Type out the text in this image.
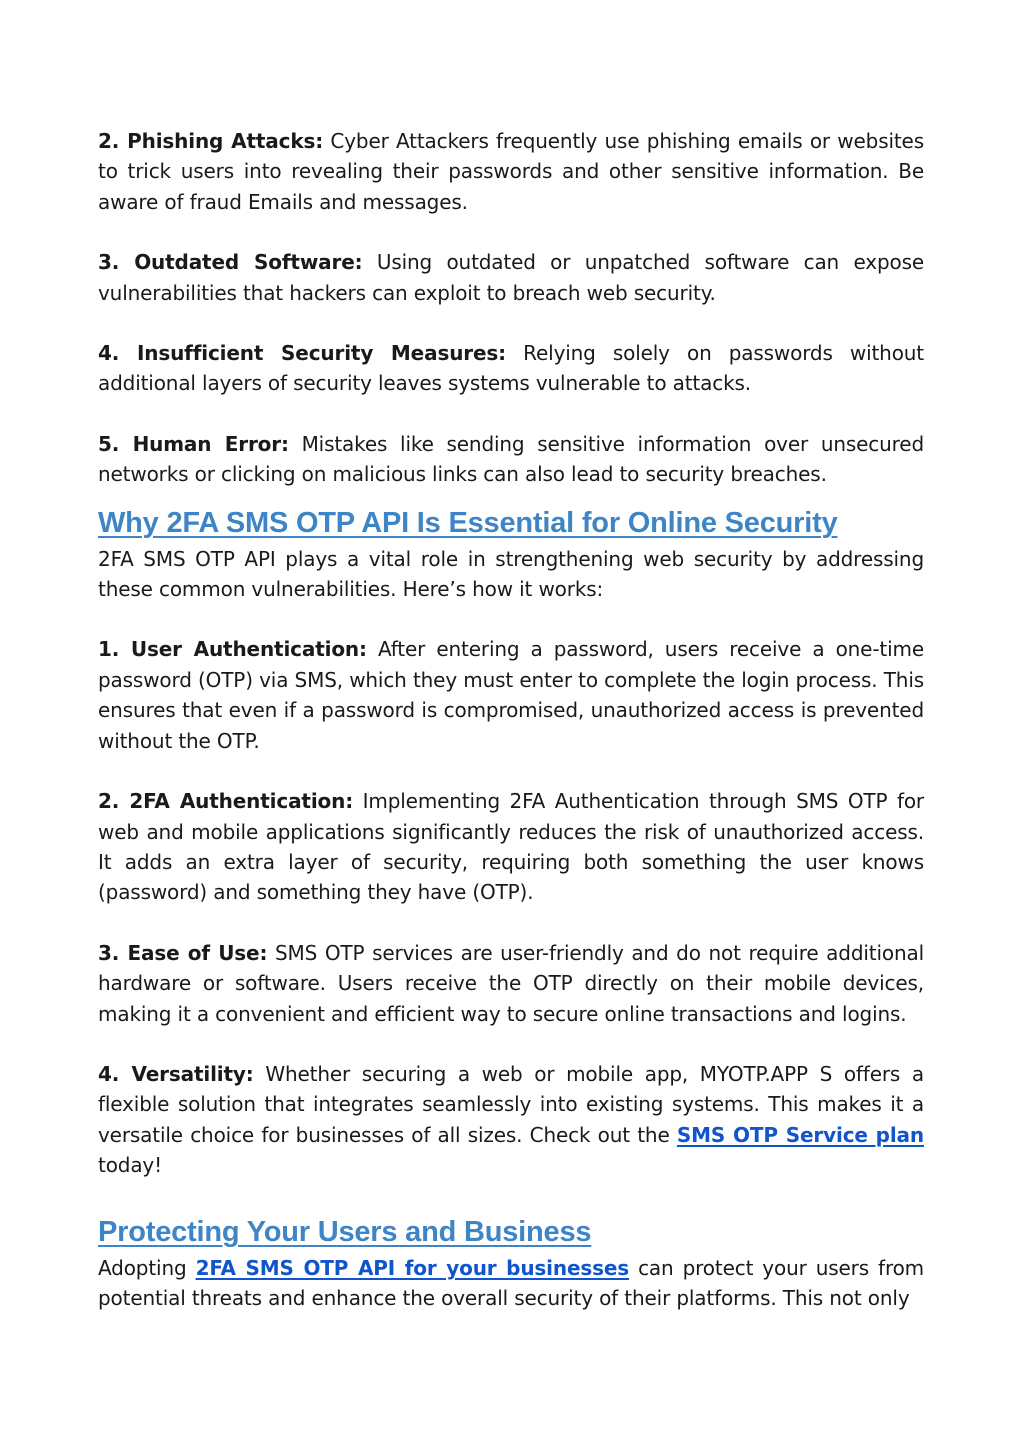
2. Phishing Attacks: Cyber Attackers frequently use phishing emails or websites to trick users into revealing their passwords and other sensitive information. Be aware of fraud Emails and messages.

3. Outdated Software: Using outdated or unpatched software can expose vulnerabilities that hackers can exploit to breach web security.

4. Insufficient Security Measures: Relying solely on passwords without additional layers of security leaves systems vulnerable to attacks.

5. Human Error: Mistakes like sending sensitive information over unsecured networks or clicking on malicious links can also lead to security breaches.

Why 2FA SMS OTP API Is Essential for Online Security

2FA SMS OTP API plays a vital role in strengthening web security by addressing these common vulnerabilities. Here’s how it works:

1. User Authentication: After entering a password, users receive a one-time password (OTP) via SMS, which they must enter to complete the login process. This ensures that even if a password is compromised, unauthorized access is prevented without the OTP.

2. 2FA Authentication: Implementing 2FA Authentication through SMS OTP for web and mobile applications significantly reduces the risk of unauthorized access. It adds an extra layer of security, requiring both something the user knows (password) and something they have (OTP).

3. Ease of Use: SMS OTP services are user-friendly and do not require additional hardware or software. Users receive the OTP directly on their mobile devices, making it a convenient and efficient way to secure online transactions and logins.

4. Versatility: Whether securing a web or mobile app, MYOTP.APP S offers a flexible solution that integrates seamlessly into existing systems. This makes it a versatile choice for businesses of all sizes. Check out the SMS OTP Service plan today!

Protecting Your Users and Business

Adopting 2FA SMS OTP API for your businesses can protect your users from potential threats and enhance the overall security of their platforms. This not only
